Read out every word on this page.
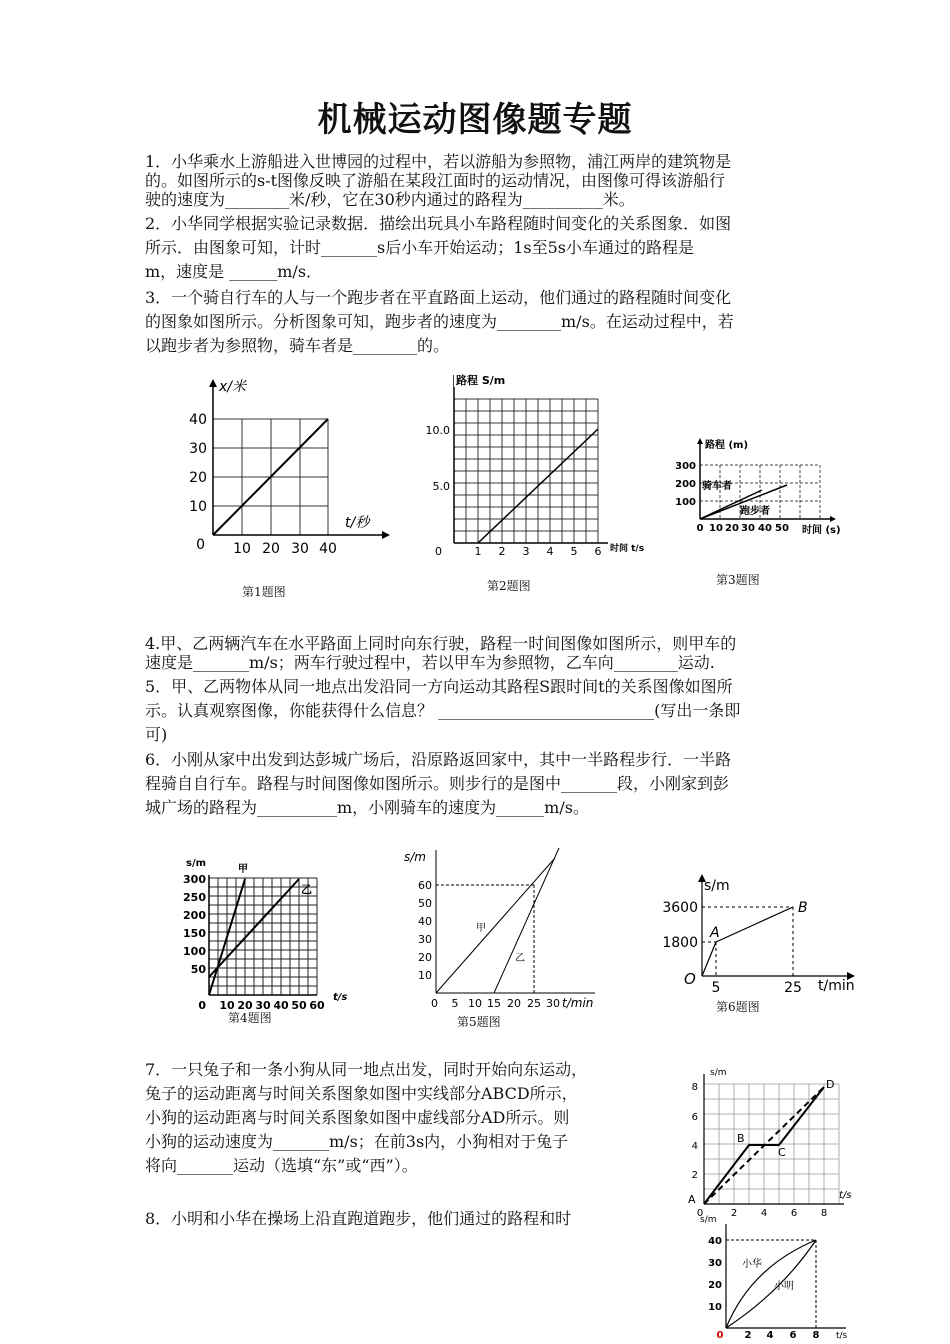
机械运动图像题专题
1．小华乘水上游船进入世博园的过程中，若以游船为参照物，浦江两岸的建筑物是
的。如图所示的s-t图像反映了游船在某段江面时的运动情况，由图像可得该游船行
驶的速度为________米/秒，它在30秒内通过的路程为__________米。
2．小华同学根据实验记录数据．描绘出玩具小车路程随时间变化的关系图象．如图
所示．由图象可知，计时_______s后小车开始运动；1s至5s小车通过的路程是
m，速度是 ______m/s．
3．一个骑自行车的人与一个跑步者在平直路面上运动，他们通过的路程随时间变化
的图象如图所示。分析图象可知，跑步者的速度为________m/s。在运动过程中，若
以跑步者为参照物，骑车者是________的。
x/米
t/秒
40
30
20
10
0 10 20 30 40
第1题图
路程 S/m
时间 t/s
10.0
5.0
0	1 2 3 4 5 6
第2题图
路程 (m)
时间 (s)
骑车者
跑步者
300
200
100
0 10 20 30 40 50
第3题图
4.甲、乙两辆汽车在水平路面上同时向东行驶，路程一时间图像如图所示，则甲车的
速度是_______m/s；两车行驶过程中，若以甲车为参照物，乙车向________运动.
5．甲、乙两物体从同一地点出发沿同一方向运动其路程S跟时间t的关系图像如图所
示。认真观察图像，你能获得什么信息？ ___________________________(写出一条即
可)
6．小刚从家中出发到达彭城广场后，沿原路返回家中，其中一半路程步行．一半路
程骑自自行车。路程与时间图像如图所示。则步行的是图中_______段，小刚家到彭
城广场的路程为__________m，小刚骑车的速度为______m/s。
s/m
甲
乙
t/s
300
250
200
150
100
50
0 10 20 30 40 50 60
第4题图
s/m
t/min
甲
乙
60
50
40
30
20
10
0 5 10 15 20 25 30
第5题图
s/m
t/min
O
A
B
3600
1800
5	25
第6题图
7．一只兔子和一条小狗从同一地点出发，同时开始向东运动，
兔子的运动距离与时间关系图象如图中实线部分ABCD所示，
小狗的运动距离与时间关系图象如图中虚线部分AD所示。则
小狗的运动速度为_______m/s；在前3s内，小狗相对于兔子
将向_______运动（选填“东”或“西”）。
8．小明和小华在操场上沿直跑道跑步，他们通过的路程和时
s/m
t/s
A
B
C
D
8
6
4
2
0	2 4 6 8
s/m
t/s
小华
小明
40
30
20
10
0 2 4 6 8
